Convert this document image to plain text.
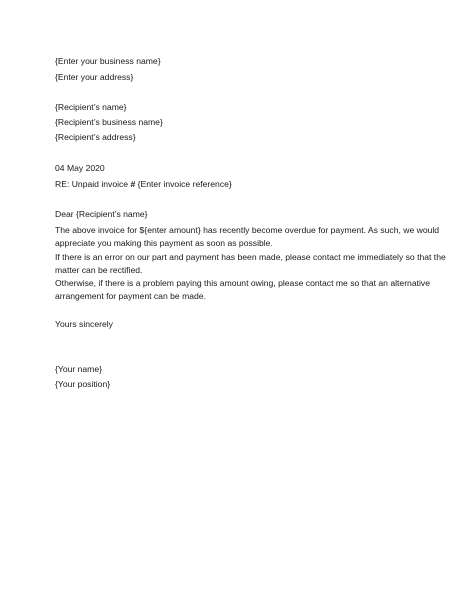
{Enter your business name}

{Enter your address}

{Recipient’s name}

{Recipient’s business name}

{Recipient’s address}

04 May 2020

RE: Unpaid invoice # {Enter invoice reference}

Dear {Recipient’s name}

The above invoice for ${enter amount} has recently become overdue for payment. As such, we would
appreciate you making this payment as soon as possible.

If there is an error on our part and payment has been made, please contact me immediately so that the
matter can be rectified.

Otherwise, if there is a problem paying this amount owing, please contact me so that an alternative
arrangement for payment can be made.

Yours sincerely

{Your name}

{Your position}
